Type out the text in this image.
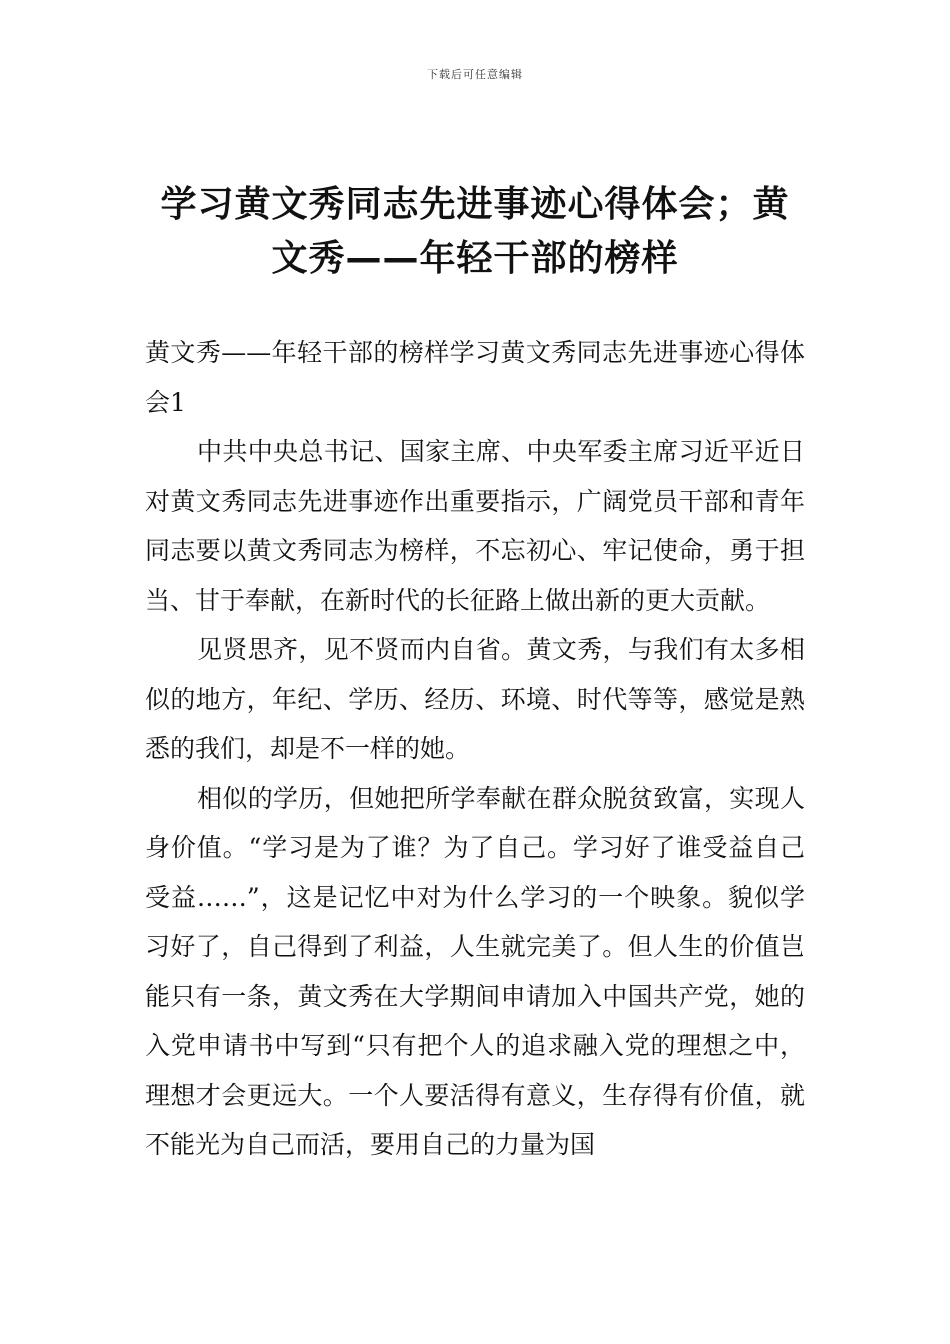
下载后可任意编辑
学习黄文秀同志先进事迹心得体会；黄文秀——年轻干部的榜样

黄文秀——年轻干部的榜样学习黄文秀同志先进事迹心得体会1

中共中央总书记、国家主席、中央军委主席习近平近日对黄文秀同志先进事迹作出重要指示，广阔党员干部和青年同志要以黄文秀同志为榜样，不忘初心、牢记使命，勇于担当、甘于奉献，在新时代的长征路上做出新的更大贡献。

见贤思齐，见不贤而内自省。黄文秀，与我们有太多相似的地方，年纪、学历、经历、环境、时代等等，感觉是熟悉的我们，却是不一样的她。

相似的学历，但她把所学奉献在群众脱贫致富，实现人身价值。“学习是为了谁？为了自己。学习好了谁受益自己受益……”，这是记忆中对为什么学习的一个映象。貌似学习好了，自己得到了利益，人生就完美了。但人生的价值岂能只有一条，黄文秀在大学期间申请加入中国共产党，她的入党申请书中写到“只有把个人的追求融入党的理想之中，理想才会更远大。一个人要活得有意义，生存得有价值，就不能光为自己而活，要用自己的力量为国
